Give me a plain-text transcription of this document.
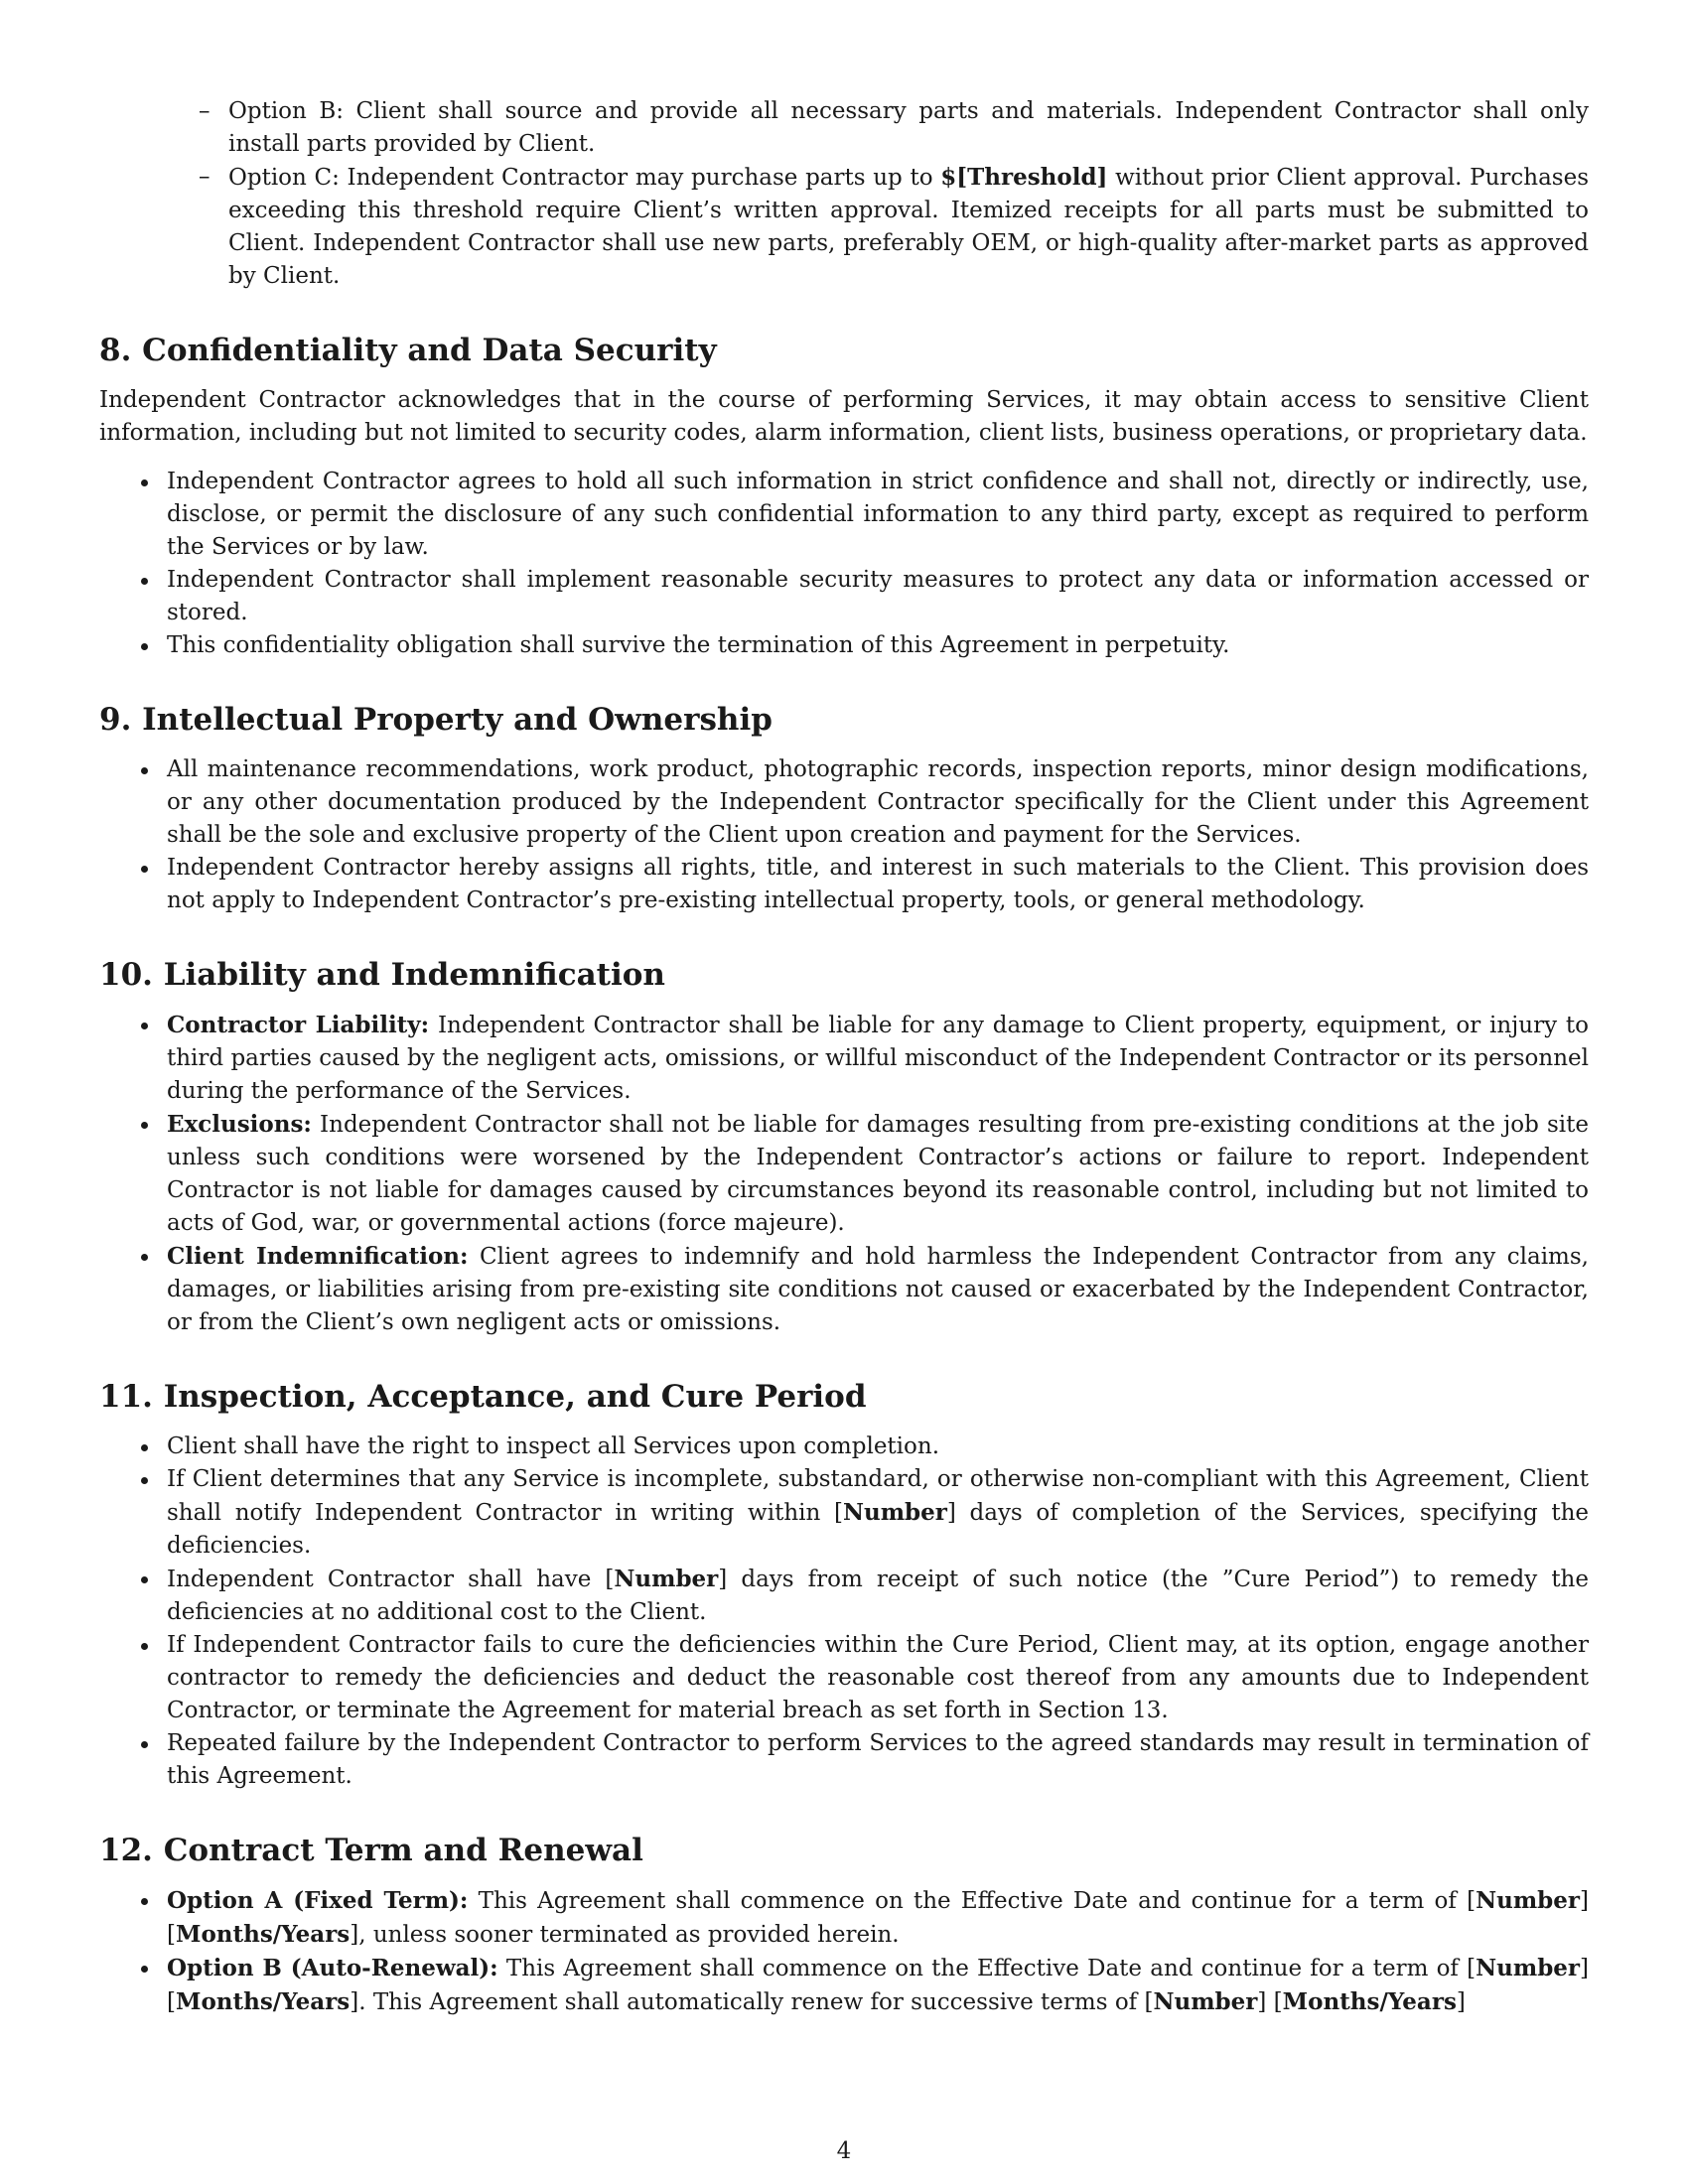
– Option B: Client shall source and provide all necessary parts and materials. Independent Contractor shall only install parts provided by Client.
– Option C: Independent Contractor may purchase parts up to $[Threshold] without prior Client approval. Purchases exceeding this threshold require Client’s written approval. Itemized receipts for all parts must be submitted to Client. Independent Contractor shall use new parts, preferably OEM, or high-quality after-market parts as approved by Client.
8. Confidentiality and Data Security

Independent Contractor acknowledges that in the course of performing Services, it may obtain access to sensitive Client information, including but not limited to security codes, alarm information, client lists, business operations, or proprietary data.

Independent Contractor agrees to hold all such information in strict confidence and shall not, directly or indirectly, use, disclose, or permit the disclosure of any such confidential information to any third party, except as required to perform the Services or by law.
Independent Contractor shall implement reasonable security measures to protect any data or information accessed or stored.
This confidentiality obligation shall survive the termination of this Agreement in perpetuity.
9. Intellectual Property and Ownership
All maintenance recommendations, work product, photographic records, inspection reports, minor design modifications, or any other documentation produced by the Independent Contractor specifically for the Client under this Agreement shall be the sole and exclusive property of the Client upon creation and payment for the Services.
Independent Contractor hereby assigns all rights, title, and interest in such materials to the Client. This provision does not apply to Independent Contractor’s pre-existing intellectual property, tools, or general methodology.
10. Liability and Indemnification
Contractor Liability: Independent Contractor shall be liable for any damage to Client property, equipment, or injury to third parties caused by the negligent acts, omissions, or willful misconduct of the Independent Contractor or its personnel during the performance of the Services.
Exclusions: Independent Contractor shall not be liable for damages resulting from pre-existing conditions at the job site unless such conditions were worsened by the Independent Contractor’s actions or failure to report. Independent Contractor is not liable for damages caused by circumstances beyond its reasonable control, including but not limited to acts of God, war, or governmental actions (force majeure).
Client Indemnification: Client agrees to indemnify and hold harmless the Independent Contractor from any claims, damages, or liabilities arising from pre-existing site conditions not caused or exacerbated by the Independent Contractor, or from the Client’s own negligent acts or omissions.
11. Inspection, Acceptance, and Cure Period
Client shall have the right to inspect all Services upon completion.
If Client determines that any Service is incomplete, substandard, or otherwise non-compliant with this Agreement, Client shall notify Independent Contractor in writing within [Number] days of completion of the Services, specifying the deficiencies.
Independent Contractor shall have [Number] days from receipt of such notice (the ”Cure Period”) to remedy the deficiencies at no additional cost to the Client.
If Independent Contractor fails to cure the deficiencies within the Cure Period, Client may, at its option, engage another contractor to remedy the deficiencies and deduct the reasonable cost thereof from any amounts due to Independent Contractor, or terminate the Agreement for material breach as set forth in Section 13.
Repeated failure by the Independent Contractor to perform Services to the agreed standards may result in termination of this Agreement.
12. Contract Term and Renewal
Option A (Fixed Term): This Agreement shall commence on the Effective Date and continue for a term of [Number] [Months/Years], unless sooner terminated as provided herein.
Option B (Auto-Renewal): This Agreement shall commence on the Effective Date and continue for a term of [Number] [Months/Years]. This Agreement shall automatically renew for successive terms of [Number] [Months/Years]
4
